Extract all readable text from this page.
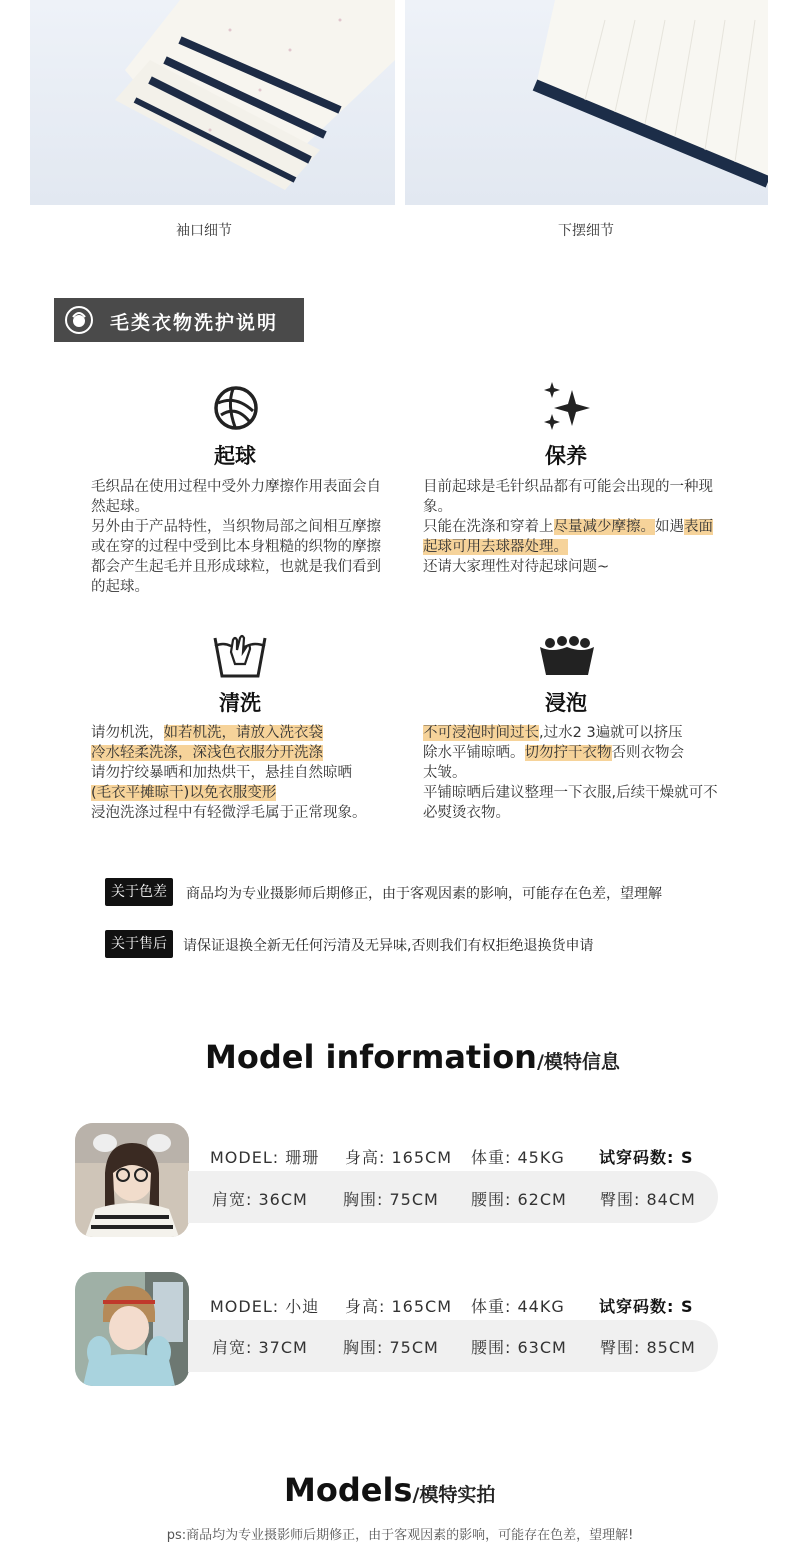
袖口细节	下摆细节
毛类衣物洗护说明
起球

毛织品在使用过程中受外力摩擦作用表面会自然起球。

另外由于产品特性，当织物局部之间相互摩擦或在穿的过程中受到比本身粗糙的织物的摩擦都会产生起毛并且形成球粒，也就是我们看到的起球。

保养

目前起球是毛针织品都有可能会出现的一种现象。

只能在洗涤和穿着上尽量减少摩擦。如遇表面起球可用去球器处理。

还请大家理性对待起球问题~

清洗

请勿机洗，如若机洗，请放入洗衣袋

冷水轻柔洗涤，深浅色衣服分开洗涤

请勿拧绞暴晒和加热烘干，悬挂自然晾晒

(毛衣平摊晾干)以免衣服变形

浸泡洗涤过程中有轻微浮毛属于正常现象。

浸泡

不可浸泡时间过长,过水2 3遍就可以挤压

除水平铺晾晒。切勿拧干衣物否则衣物会

太皱。

平铺晾晒后建议整理一下衣服,后续干燥就可不必熨烫衣物。

关于色差	商品均为专业摄影师后期修正，由于客观因素的影响，可能存在色差，望理解
关于售后	请保证退换全新无任何污清及无异味,否则我们有权拒绝退换货申请
Model information/模特信息
MODEL: 珊珊 身高: 165CM 体重: 45KG 试穿码数: S
肩宽: 36CM 胸围: 75CM 腰围: 62CM 臀围: 84CM
MODEL: 小迪 身高: 165CM 体重: 44KG 试穿码数: S
肩宽: 37CM 胸围: 75CM 腰围: 63CM 臀围: 85CM
Models/模特实拍
ps:商品均为专业摄影师后期修正，由于客观因素的影响，可能存在色差，望理解!
